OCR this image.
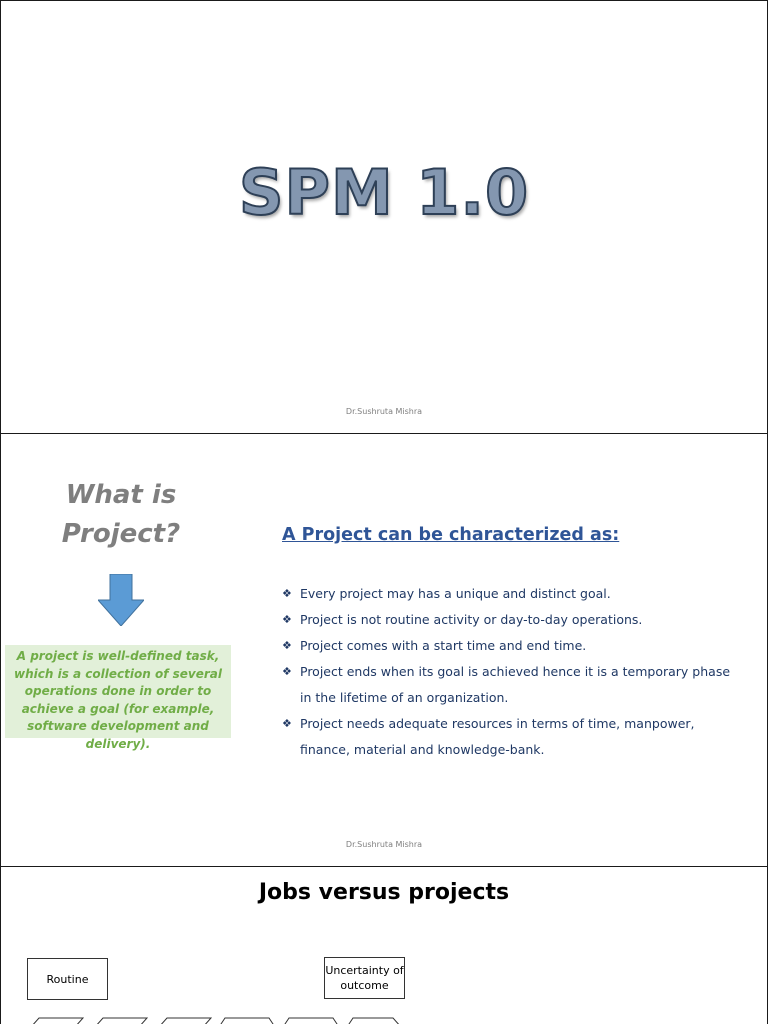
SPM 1.0
Dr.Sushruta Mishra
What is Project?
A project is well-defined task, which is a collection of several operations done in order to achieve a goal (for example, software development and delivery).
A Project can be characterized as:
❖ Every project may has a unique and distinct goal.
❖ Project is not routine activity or day-to-day operations.
❖ Project comes with a start time and end time.
❖ Project ends when its goal is achieved hence it is a temporary phase in the lifetime of an organization.
❖ Project needs adequate resources in terms of time, manpower, finance, material and knowledge-bank.
Dr.Sushruta Mishra
Jobs versus projects
Routine
Uncertainty of outcome
